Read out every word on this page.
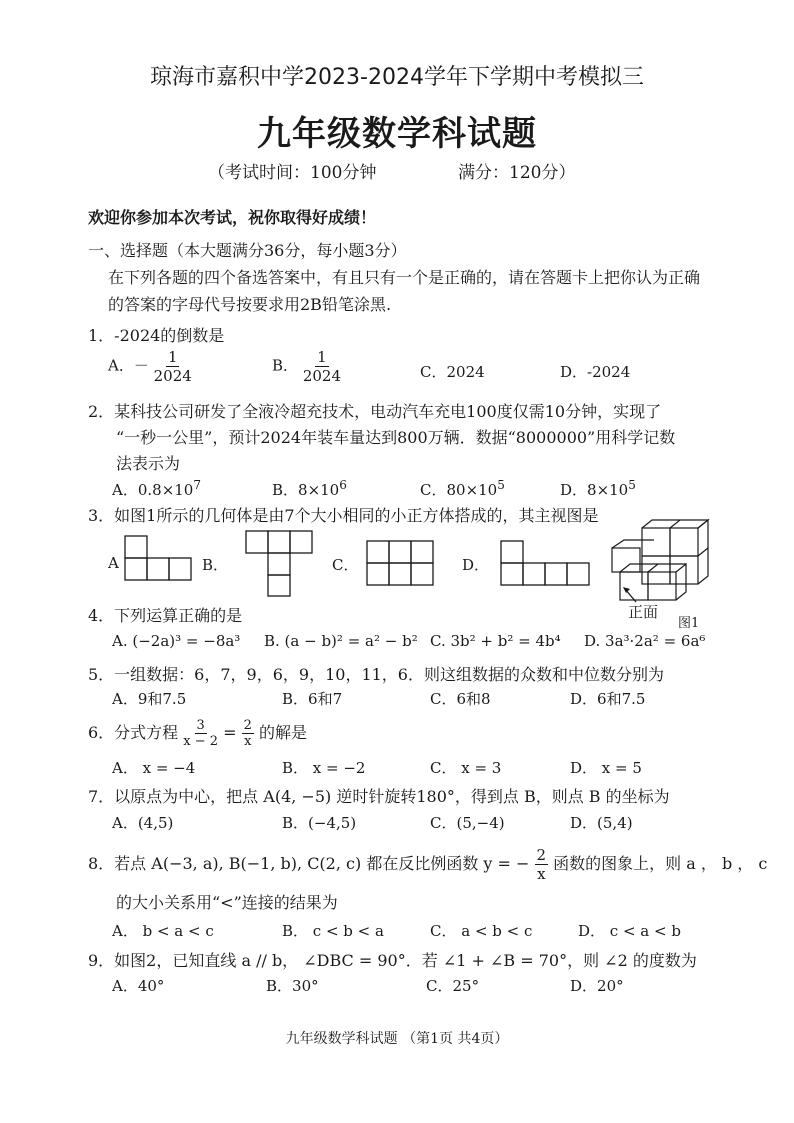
琼海市嘉积中学2023-2024学年下学期中考模拟三
九年级数学科试题
（考试时间：100分钟	满分：120分）
欢迎你参加本次考试，祝你取得好成绩！
一、选择题（本大题满分36分，每小题3分）
在下列各题的四个备选答案中，有且只有一个是正确的，请在答题卡上把你认为正确的答案的字母代号按要求用2B铅笔涂黑.
1．-2024的倒数是
A．－ $\frac{1}{2024}$	B． $\frac{1}{2024}$	C．2024	D．-2024
2．某科技公司研发了全液冷超充技术，电动汽车充电100度仅需10分钟，实现了
“一秒一公里”，预计2024年装车量达到800万辆．数据“8000000”用科学记数
法表示为
A．$0.8\times 10^7$	B．$8\times 10^6$	C．$80\times 10^5$	D．$8\times 10^5$
3．如图1所示的几何体是由7个大小相同的小正方体搭成的，其主视图是
A	B．	C．	D．
正面
图1
4．下列运算正确的是
A. (−2a)³ = −8a³ B. (a − b)² = a² − b² C. 3b² + b² = 4b⁴ D. 3a³·2a² = 6a⁶
5．一组数据：6，7，9，6，9，10，11，6．则这组数据的众数和中位数分别为
A．9和7.5	B．6和7	C．6和8	D．6和7.5
6．分式方程 $\frac{3}{x - 2} = \frac{2}{x}$ 的解是
A． x = −4	B． x = −2	C． x = 3	D． x = 5
7．以原点为中心，把点 A(4, −5) 逆时针旋转180°，得到点 B，则点 B 的坐标为
A．(4,5)	B．(−4,5)	C．(5,−4)	D．(5,4)
8．若点 A(−3, a), B(−1, b), C(2, c) 都在反比例函数 y = − $\frac{2}{x}$ 函数的图象上，则 a ， b ， c
的大小关系用“<”连接的结果为
A． b < a < c	B． c < b < a	C． a < b < c	D． c < a < b
9．如图2，已知直线 a // b， ∠DBC = 90°．若 ∠1 + ∠B = 70°，则 ∠2 的度数为
A．40°	B．30°	C．25°	D．20°
九年级数学科试题 （第1页 共4页）
